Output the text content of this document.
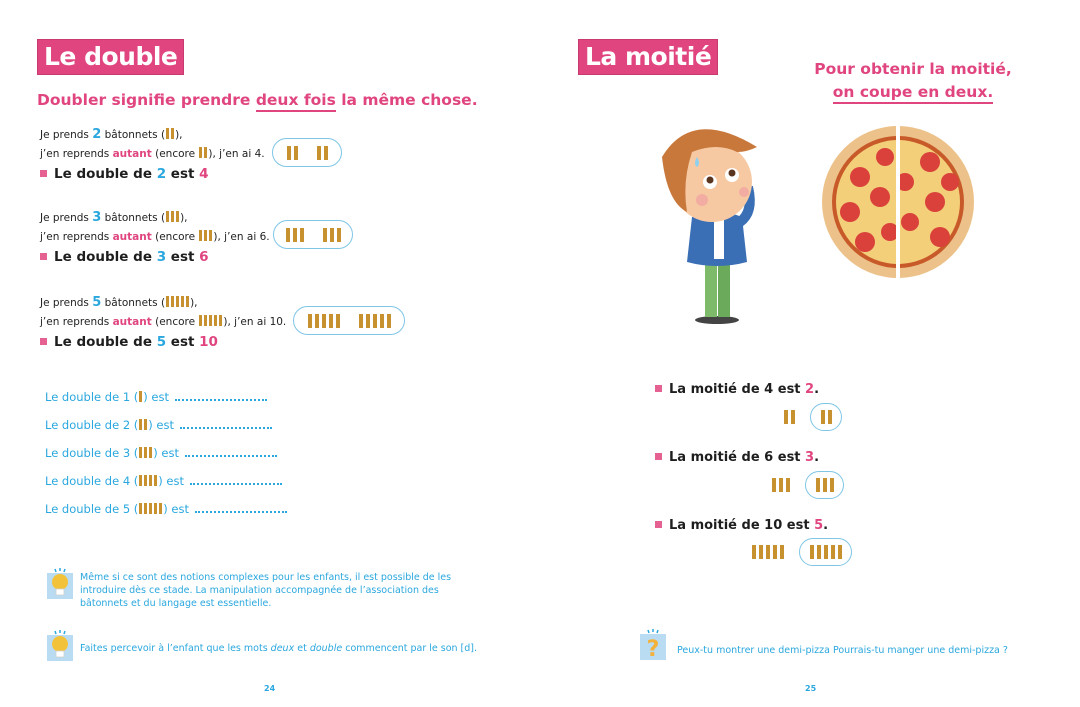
Le double
Doubler signifie prendre deux fois la même chose.
Je prends 2 bâtonnets ( ),
j’en reprends autant (encore ), j’en ai 4.
Le double de 2 est 4
Je prends 3 bâtonnets ( ),
j’en reprends autant (encore ), j’en ai 6.
Le double de 3 est 6
Je prends 5 bâtonnets ( ),
j’en reprends autant (encore ), j’en ai 10.
Le double de 5 est 10
Le double de 1 ( ) est
Le double de 2 ( ) est
Le double de 3 ( ) est
Le double de 4 ( ) est
Le double de 5 ( ) est
Même si ce sont des notions complexes pour les enfants, il est possible de les
introduire dès ce stade. La manipulation accompagnée de l’association des
bâtonnets et du langage est essentielle.
Faites percevoir à l’enfant que les mots deux et double commencent par le son [d].
24
La moitié	Pour obtenir la moitié,
on coupe en deux.
La moitié de 4 est 2.
La moitié de 6 est 3.
La moitié de 10 est 5.
? Peux-tu montrer une demi-pizza Pourrais-tu manger une demi-pizza ?
25
